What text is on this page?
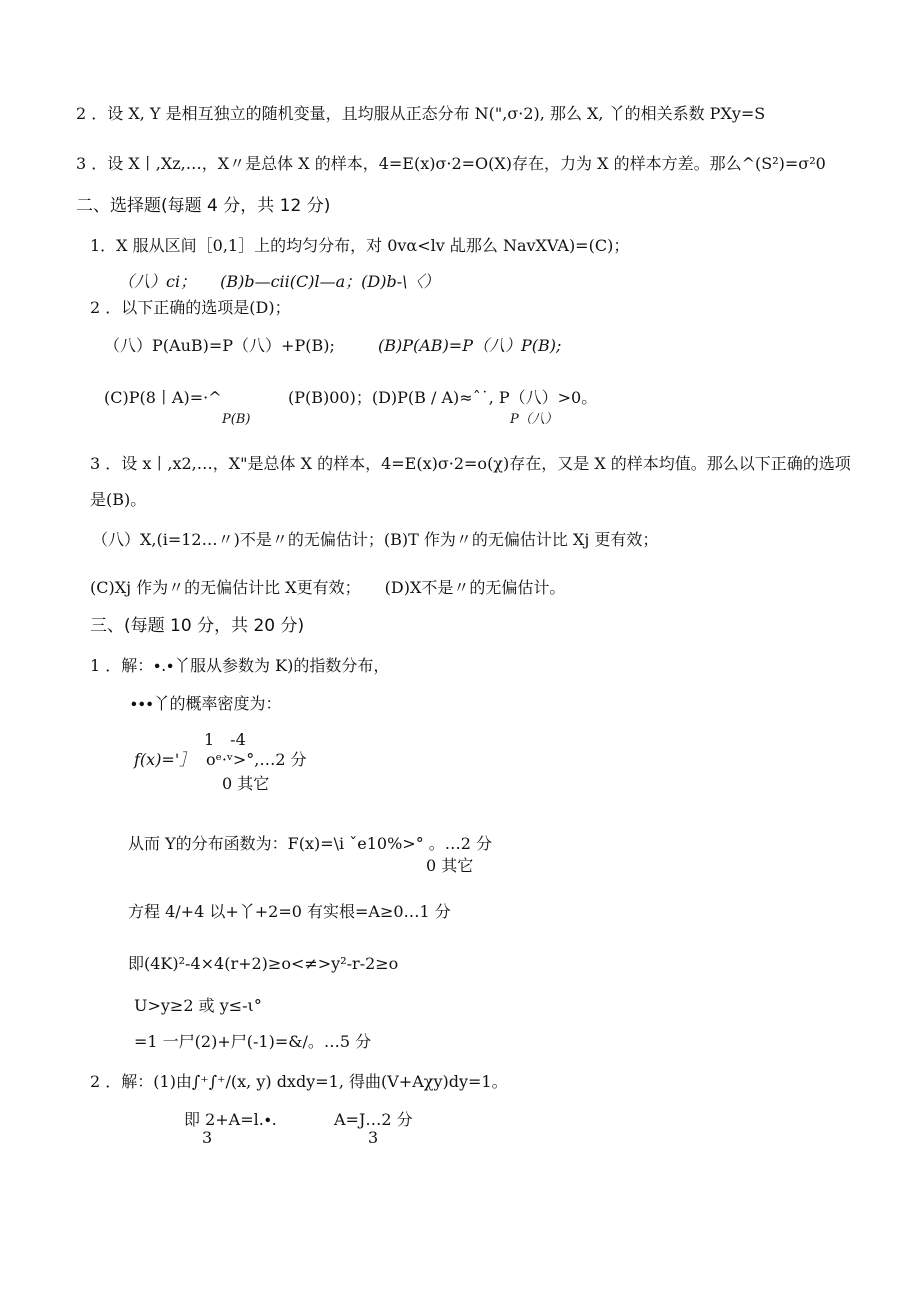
2 ．设 X, Y 是相互独立的随机变量，且均服从正态分布 N(",σ·2), 那么 X, 丫的相关系数 PXy=S
3 ．设 X丨,Xz,…，X〃是总体 X 的样本，4=E(x)σ·2=O(X)存在，力为 X 的样本方差。那么^(S²)=σ²0
二、选择题(每题 4 分，共 12 分)
1．X 服从区间［0,1］上的均匀分布，对 0vα<lv 乩那么 NavXVA)=(C)；
（八）ci；　　(B)b—cii(C)l—a；(D)b-\〈）
2 ．以下正确的选项是(D)；
（八）P(AuB)=P（八）+P(B);	(B)P(AB)=P（八）P(B);
(C)P(8丨A)=·^
P(B)
(P(B)00)；(D)P(B / A)≈ˆ˙, P（八）>0。
P（八）
3 ．设 x丨,x2,…，X"是总体 X 的样本，4=E(x)σ·2=o(χ)存在，又是 X 的样本均值。那么以下正确的选项
是(B)。
（八）X,(i=12…〃)不是〃的无偏估计；(B)T 作为〃的无偏估计比 Xj 更有效；
(C)Xj 作为〃的无偏估计比 X更有效；　　(D)X不是〃的无偏估计。
三、(每题 10 分，共 20 分)
1 ．解：∙.∙丫服从参数为 K)的指数分布，
∙∙∙丫的概率密度为：
1　-4
f(x)='］ oᵉ·ᵛ>°,…2 分
0 其它
从而 Y的分布函数为：F(x)=\i ˇe10%>° 。…2 分
0 其它
方程 4/+4 以+丫+2=0 有实根=A≥0…1 分
即(4K)²-4×4(r+2)≥o<≠>y²-r-2≥o
U>y≥2 或 y≤-ι°
=1 一尸(2)+尸(-1)=&/。…5 分
2 ．解：(1)由∫⁺∫⁺/(x, y) dxdy=1, 得曲(V+Aχy)dy=1。
即 2+A=l.∙.	A=J…2 分
3	3
